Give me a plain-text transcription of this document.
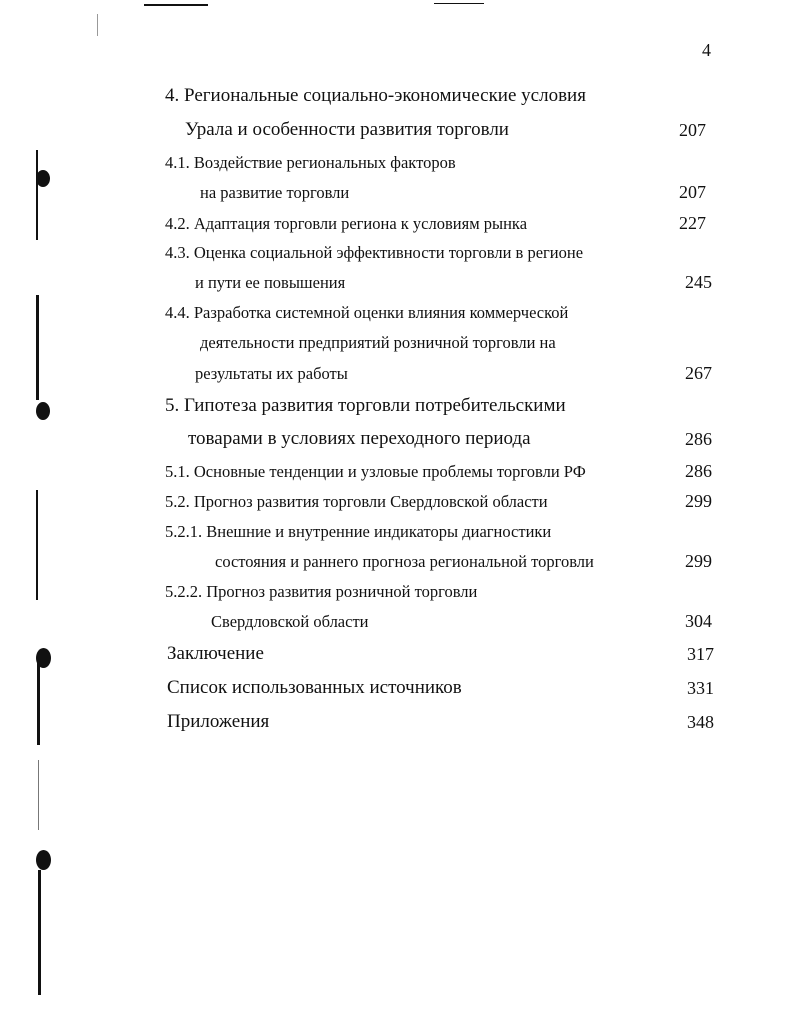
4
4. Региональные социально-экономические условия
Урала и особенности развития торговли	207
4.1. Воздействие региональных факторов
на развитие торговли	207
4.2. Адаптация торговли региона к условиям рынка	227
4.3. Оценка социальной эффективности торговли в регионе
и пути ее повышения	245
4.4. Разработка системной оценки влияния коммерческой
деятельности предприятий розничной торговли на
результаты их работы	267
5. Гипотеза развития торговли потребительскими
товарами в условиях переходного периода	286
5.1. Основные тенденции и узловые проблемы торговли РФ	286
5.2. Прогноз развития торговли Свердловской области	299
5.2.1. Внешние и внутренние индикаторы диагностики
состояния и раннего прогноза региональной торговли	299
5.2.2. Прогноз развития розничной торговли
Свердловской области	304
Заключение	317
Список использованных источников	331
Приложения	348
